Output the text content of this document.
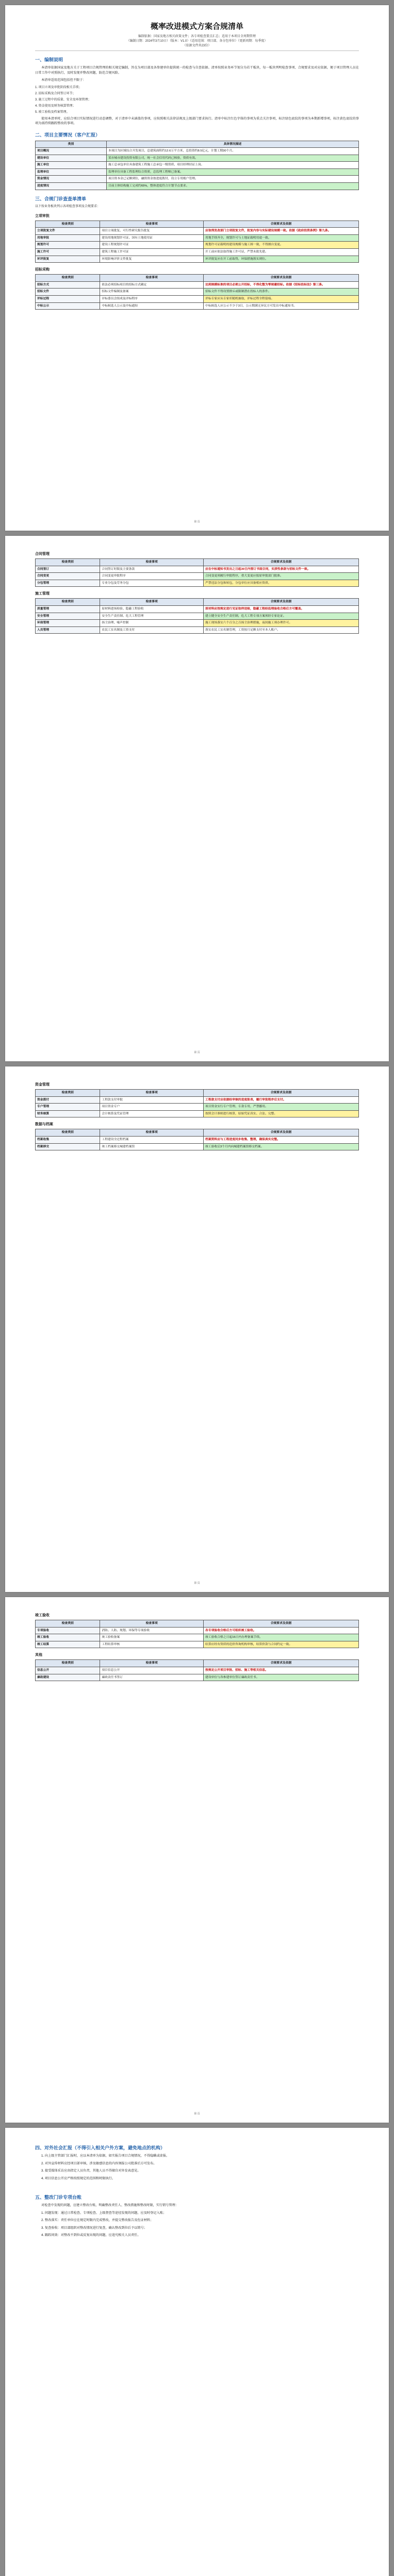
概率改进模式方案合规清单
编制依据：国家及地方相关政策文件；各专项检查要点汇总；适用于本项目全周期管理
（编制日期：2024年3月10日）（版本：V1.0）（适用范围：项目部、各分包单位）（更新周期：每季度）
（依据文件共23份）
一、编制说明

本清单依据国家及地方关于工程项目合规管理的相关规定编制，旨在为项目部及各参建单位提供统一的检查与自查依据。清单按照业务环节划分为若干板块，每一板块列明检查事项、合规要求及对应依据，便于项目管理人员在日常工作中对照执行，及时发现并整改问题，防范合规风险。

本清单适用范围包括但不限于：

1. 项目立项及审批阶段相关手续；

2. 招标采购及合同签订环节；

3. 施工过程中的质量、安全及环保管理；

4. 资金使用及财务核算管理；

5. 竣工验收及档案管理。

使用本清单时，应结合项目实际情况进行动态调整，对于清单中未涵盖的事项，应按照相关法律法规及上级部门要求执行。清单中标注红色字体的事项为重点关注事项，标注绿色底纹的事项为本期新增事项，标注黄色底纹的事项为需持续跟踪整改的事项。

二、项目主要情况（客户汇报）
类别	具体情况描述
项目概况	本项目为区域综合开发项目，总建筑面积约12.6万平方米，总投资约8.5亿元，计划工期30个月。
建设单位	某市城市建设投资有限公司，统一社会信用代码已核验，资质有效。
施工单位	施工总承包单位具备建筑工程施工总承包一级资质，项目经理持证上岗。
监理单位	监理单位具备工程监理综合资质，总监理工程师已备案。
资金情况	项目资本金已足额到位，融资资金按进度拨付，设立专用账户管理。
进度情况	目前主体结构施工完成约65%，整体进度符合计划节点要求。
三、合规门诊查查单清单

以下按业务板块列示各项检查事项及合规要求：

立项审批
检查类别	检查事项	合规要求及依据
立项批复文件	项目立项批复、可行性研究报告批复	应取得发改部门立项批复文件，批复内容与实际建设规模一致。依据《政府投资条例》第九条。
用地审批	建设用地规划许可证、国有土地使用证	用地手续齐全，规划许可与土地证载明用途一致。
规划许可	建设工程规划许可证	规划许可证载明的建设规模与施工图一致，不得擅自变更。
施工许可	建筑工程施工许可证	开工前应依法取得施工许可证，严禁未批先建。
环评批复	环境影响评价文件批复	环评批复应在开工前取得，环保措施落实到位。
招标采购
检查类别	检查事项	合规要求及依据
招标方式	依法必须招标项目的招标方式确定	达到规模标准的项目必须公开招标，不得化整为零规避招标。依据《招标投标法》第三条。
招标文件	招标文件编制及备案	招标文件不得设置排斥或限制潜在投标人的条件。
评标过程	评标委员会组成及评标程序	评标专家应从专家库随机抽取，评标过程全程留痕。
中标公示	中标候选人公示及中标通知	中标候选人应公示不少于3日，公示期满无异议方可发出中标通知书。
第 页
合同管理
检查类别	检查事项	合规要求及依据
合同签订	合同签订时限及主要条款	应在中标通知书发出之日起30日内签订书面合同，实质性条款与招标文件一致。
合同变更	合同变更审批程序	合同变更须履行审批程序，重大变更应报原审批部门批准。
分包管理	专业分包及劳务分包	严禁违法分包和转包，分包单位应具备相应资质。
施工管理
检查类别	检查事项	合规要求及依据
质量管理	原材料进场检验、隐蔽工程验收	原材料应按规定进行见证取样送检，隐蔽工程经监理验收合格后方可覆盖。
安全管理	安全生产责任制、危大工程管理	建立健全安全生产责任制，危大工程专项方案须经专家论证。
环保管理	扬尘治理、噪声控制	施工现场落实六个百分之百扬尘治理措施，夜间施工须办理许可。
人员管理	农民工实名制及工资支付	落实农民工实名制管理，工资按月足额支付至本人账户。
第 页
资金管理
检查类别	检查事项	合规要求及依据
资金拨付	工程款支付审批	工程款支付应依据经审核的进度报表，履行审批程序后支付。
专户管理	项目资金专户	项目资金实行专户管理、专款专用，严禁挪用。
财务核算	会计核算及凭证管理	按照会计准则进行核算，原始凭证真实、合法、完整。
数据与档案
检查类别	检查事项	合规要求及依据
档案收集	工程建设全过程档案	档案资料应与工程进度同步收集、整理，确保真实完整。
档案移交	竣工档案移交城建档案馆	竣工验收后3个月内向城建档案馆移交档案。
第 页
竣工验收
检查类别	检查事项	合规要求及依据
专项验收	消防、人防、规划、环保等专项验收	各专项验收合格后方可组织竣工验收。
竣工验收	竣工验收备案	竣工验收合格之日起15日内办理备案手续。
竣工结算	工程结算审核	结算应经有资质的造价咨询机构审核，结算价款与合同约定一致。
其他
检查类别	检查事项	合规要求及依据
信息公开	项目信息公开	按规定公开项目审批、招标、施工等相关信息。
廉政建设	廉政责任书签订	建设单位与各参建单位签订廉政责任书。
第 页
四、对外社会汇报（不得引入相关户外方案，避免地点的机构）

1. 向上级主管部门汇报时，应以本清单为依据，如实报告项目合规情况，不得隐瞒或虚报。

2. 对外宣传材料应经项目部审核，涉及敏感信息的内容须报公司批准后方可发布。

3. 接受媒体采访应由指定人员负责，其他人员不得擅自对外发表意见。

4. 项目信息公开应严格按照规定的范围和时限执行。

五、整改门诊专项台账

对检查中发现的问题，应建立整改台账，明确整改责任人、整改措施和整改时限，实行销号管理：

1. 问题发现：通过日常检查、专项检查、上级督查等途径发现的问题，应及时登记入账；

2. 整改落实：责任单位应在规定时限内完成整改，并提交整改报告及佐证材料；

3. 复查验收：项目部组织对整改情况进行复查，确认整改到位后予以销号；

4. 跟踪问效：对整改不到位或反复出现的问题，应追究相关人员责任。
